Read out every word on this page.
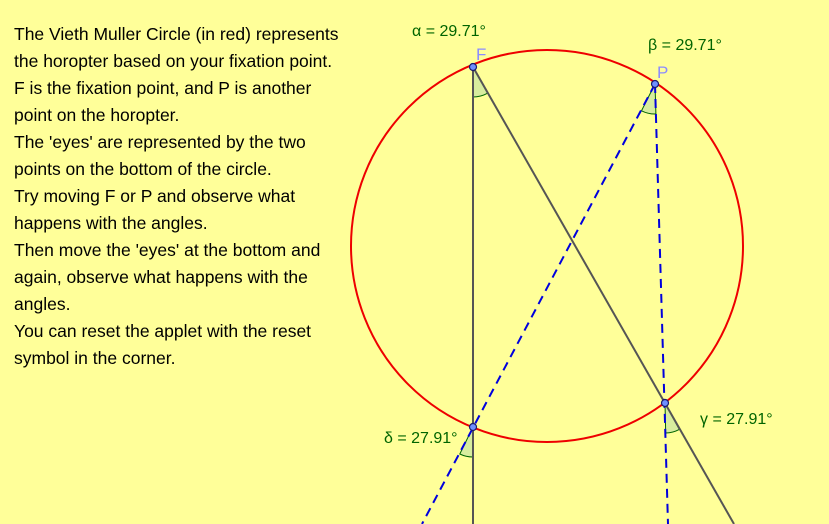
The Vieth Muller Circle (in red) represents
the horopter based on your fixation point.
F is the fixation point, and P is another
point on the horopter.
The 'eyes' are represented by the two
points on the bottom of the circle.
Try moving F or P and observe what
happens with the angles.
Then move the 'eyes' at the bottom and
again, observe what happens with the
angles.
You can reset the applet with the reset
symbol in the corner.
F
P
α = 29.71°
β = 29.71°
γ = 27.91°
δ = 27.91°
